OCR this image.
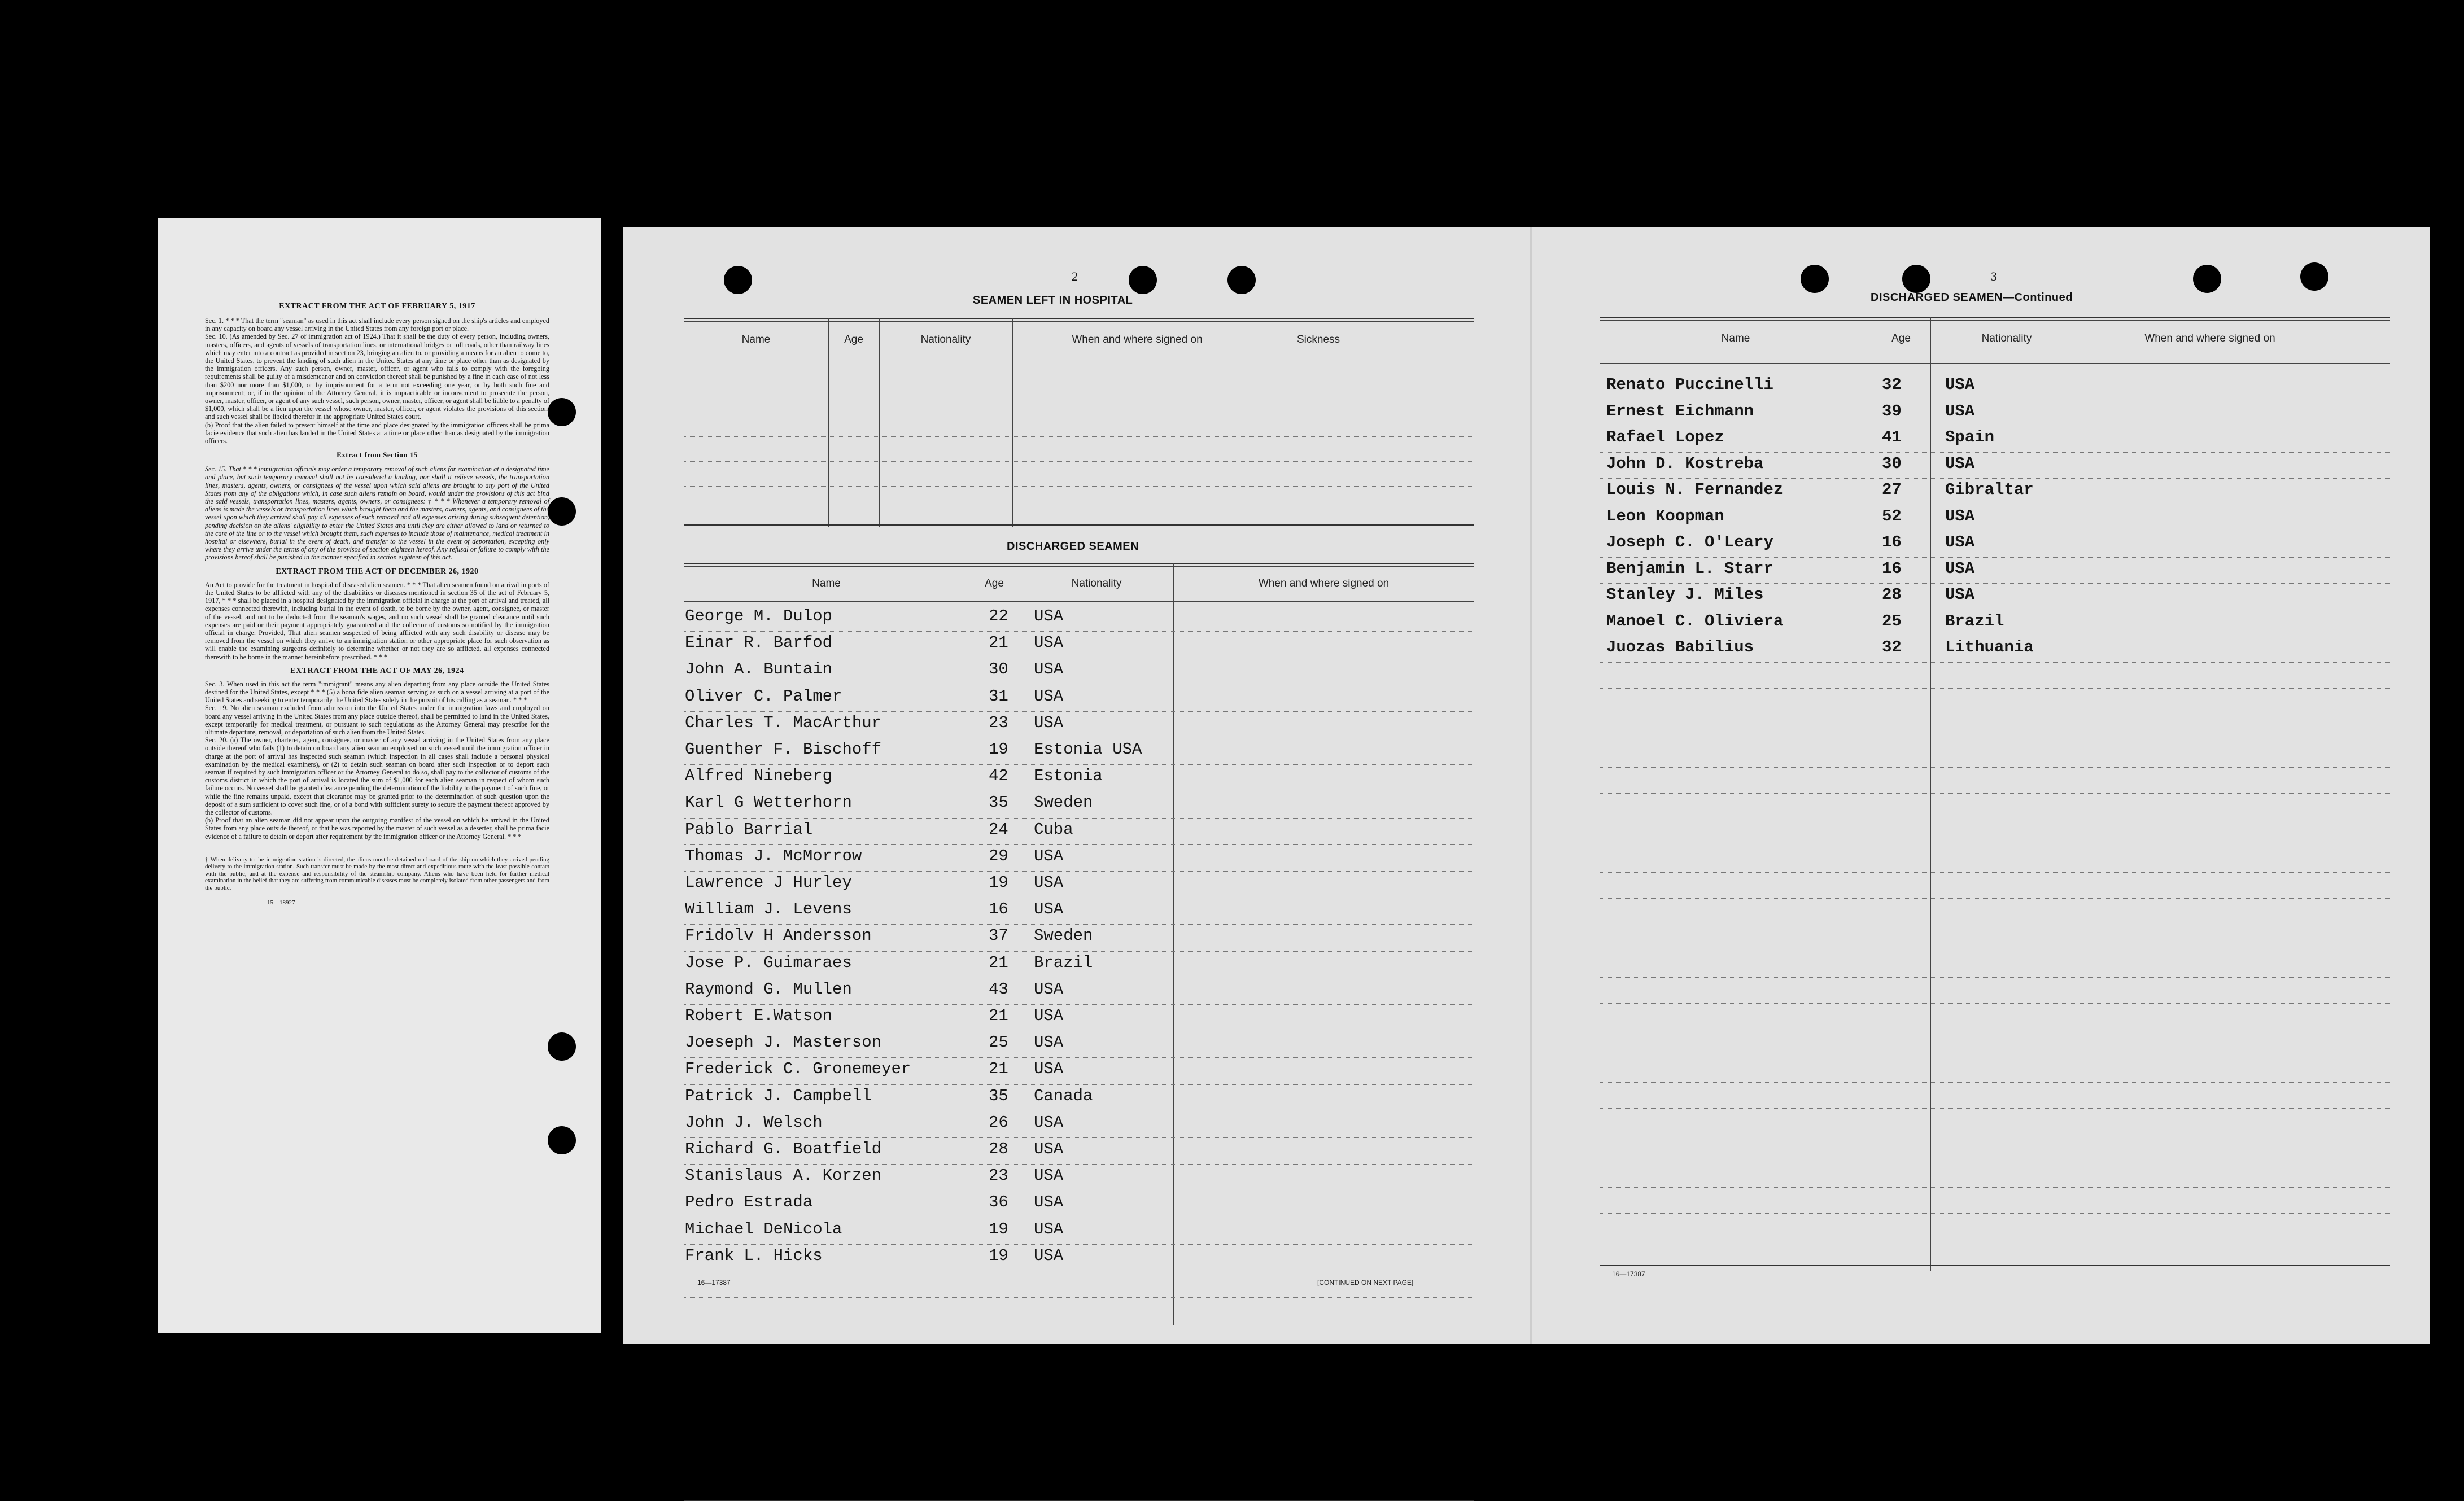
EXTRACT FROM THE ACT OF FEBRUARY 5, 1917

Sec. 1. * * * That the term "seaman" as used in this act shall include every person signed on the ship's articles and employed in any capacity on board any vessel arriving in the United States from any foreign port or place.

Sec. 10. (As amended by Sec. 27 of immigration act of 1924.) That it shall be the duty of every person, including owners, masters, officers, and agents of vessels of transportation lines, or international bridges or toll roads, other than railway lines which may enter into a contract as provided in section 23, bringing an alien to, or providing a means for an alien to come to, the United States, to prevent the landing of such alien in the United States at any time or place other than as designated by the immigration officers. Any such person, owner, master, officer, or agent who fails to comply with the foregoing requirements shall be guilty of a misdemeanor and on conviction thereof shall be punished by a fine in each case of not less than $200 nor more than $1,000, or by imprisonment for a term not exceeding one year, or by both such fine and imprisonment; or, if in the opinion of the Attorney General, it is impracticable or inconvenient to prosecute the person, owner, master, officer, or agent of any such vessel, such person, owner, master, officer, or agent shall be liable to a penalty of $1,000, which shall be a lien upon the vessel whose owner, master, officer, or agent violates the provisions of this section, and such vessel shall be libeled therefor in the appropriate United States court.

(b) Proof that the alien failed to present himself at the time and place designated by the immigration officers shall be prima facie evidence that such alien has landed in the United States at a time or place other than as designated by the immigration officers.

Extract from Section 15

Sec. 15. That * * * immigration officials may order a temporary removal of such aliens for examination at a designated time and place, but such temporary removal shall not be considered a landing, nor shall it relieve vessels, the transportation lines, masters, agents, owners, or consignees of the vessel upon which said aliens are brought to any port of the United States from any of the obligations which, in case such aliens remain on board, would under the provisions of this act bind the said vessels, transportation lines, masters, agents, owners, or consignees: † * * * Whenever a temporary removal of aliens is made the vessels or transportation lines which brought them and the masters, owners, agents, and consignees of the vessel upon which they arrived shall pay all expenses of such removal and all expenses arising during subsequent detention, pending decision on the aliens' eligibility to enter the United States and until they are either allowed to land or returned to the care of the line or to the vessel which brought them, such expenses to include those of maintenance, medical treatment in hospital or elsewhere, burial in the event of death, and transfer to the vessel in the event of deportation, excepting only where they arrive under the terms of any of the provisos of section eighteen hereof. Any refusal or failure to comply with the provisions hereof shall be punished in the manner specified in section eighteen of this act.

EXTRACT FROM THE ACT OF DECEMBER 26, 1920

An Act to provide for the treatment in hospital of diseased alien seamen. * * * That alien seamen found on arrival in ports of the United States to be afflicted with any of the disabilities or diseases mentioned in section 35 of the act of February 5, 1917, * * * shall be placed in a hospital designated by the immigration official in charge at the port of arrival and treated, all expenses connected therewith, including burial in the event of death, to be borne by the owner, agent, consignee, or master of the vessel, and not to be deducted from the seaman's wages, and no such vessel shall be granted clearance until such expenses are paid or their payment appropriately guaranteed and the collector of customs so notified by the immigration official in charge: Provided, That alien seamen suspected of being afflicted with any such disability or disease may be removed from the vessel on which they arrive to an immigration station or other appropriate place for such observation as will enable the examining surgeons definitely to determine whether or not they are so afflicted, all expenses connected therewith to be borne in the manner hereinbefore prescribed. * * *

EXTRACT FROM THE ACT OF MAY 26, 1924

Sec. 3. When used in this act the term "immigrant" means any alien departing from any place outside the United States destined for the United States, except * * * (5) a bona fide alien seaman serving as such on a vessel arriving at a port of the United States and seeking to enter temporarily the United States solely in the pursuit of his calling as a seaman. * * *

Sec. 19. No alien seaman excluded from admission into the United States under the immigration laws and employed on board any vessel arriving in the United States from any place outside thereof, shall be permitted to land in the United States, except temporarily for medical treatment, or pursuant to such regulations as the Attorney General may prescribe for the ultimate departure, removal, or deportation of such alien from the United States.

Sec. 20. (a) The owner, charterer, agent, consignee, or master of any vessel arriving in the United States from any place outside thereof who fails (1) to detain on board any alien seaman employed on such vessel until the immigration officer in charge at the port of arrival has inspected such seaman (which inspection in all cases shall include a personal physical examination by the medical examiners), or (2) to detain such seaman on board after such inspection or to deport such seaman if required by such immigration officer or the Attorney General to do so, shall pay to the collector of customs of the customs district in which the port of arrival is located the sum of $1,000 for each alien seaman in respect of whom such failure occurs. No vessel shall be granted clearance pending the determination of the liability to the payment of such fine, or while the fine remains unpaid, except that clearance may be granted prior to the determination of such question upon the deposit of a sum sufficient to cover such fine, or of a bond with sufficient surety to secure the payment thereof approved by the collector of customs.

(b) Proof that an alien seaman did not appear upon the outgoing manifest of the vessel on which he arrived in the United States from any place outside thereof, or that he was reported by the master of such vessel as a deserter, shall be prima facie evidence of a failure to detain or deport after requirement by the immigration officer or the Attorney General. * * *

† When delivery to the immigration station is directed, the aliens must be detained on board of the ship on which they arrived pending delivery to the immigration station. Such transfer must be made by the most direct and expeditious route with the least possible contact with the public, and at the expense and responsibility of the steamship company. Aliens who have been held for further medical examination in the belief that they are suffering from communicable diseases must be completely isolated from other passengers and from the public.

15—18927

2
SEAMEN LEFT IN HOSPITAL
Name	Age	Nationality	When and where signed on	Sickness
DISCHARGED SEAMEN
Name	Age	Nationality	When and where signed on
George M. Dulop	22 USA
Einar R. Barfod	21 USA
John A. Buntain	30 USA
Oliver C. Palmer	31 USA
Charles T. MacArthur	23 USA
Guenther F. Bischoff	19 Estonia USA
Alfred Nineberg	42 Estonia
Karl G Wetterhorn	35 Sweden
Pablo Barrial	24 Cuba
Thomas J. McMorrow	29 USA
Lawrence J Hurley	19 USA
William J. Levens	16 USA
Fridolv H Andersson	37 Sweden
Jose P. Guimaraes	21 Brazil
Raymond G. Mullen	43 USA
Robert E.Watson	21 USA
Joeseph J. Masterson	25 USA
Frederick C. Gronemeyer	21 USA
Patrick J. Campbell	35 Canada
John J. Welsch	26 USA
Richard G. Boatfield	28 USA
Stanislaus A. Korzen	23 USA
Pedro Estrada	36 USA
Michael DeNicola	19 USA
Frank L. Hicks	19 USA
16—17387	[CONTINUED ON NEXT PAGE]
3
DISCHARGED SEAMEN—Continued
Name	Age	Nationality	When and where signed on
Renato Puccinelli	32	USA
Ernest Eichmann	39	USA
Rafael Lopez	41	Spain
John D. Kostreba	30	USA
Louis N. Fernandez	27	Gibraltar
Leon Koopman	52	USA
Joseph C. O'Leary	16	USA
Benjamin L. Starr	16	USA
Stanley J. Miles	28	USA
Manoel C. Oliviera	25	Brazil
Juozas Babilius	32	Lithuania
16—17387
